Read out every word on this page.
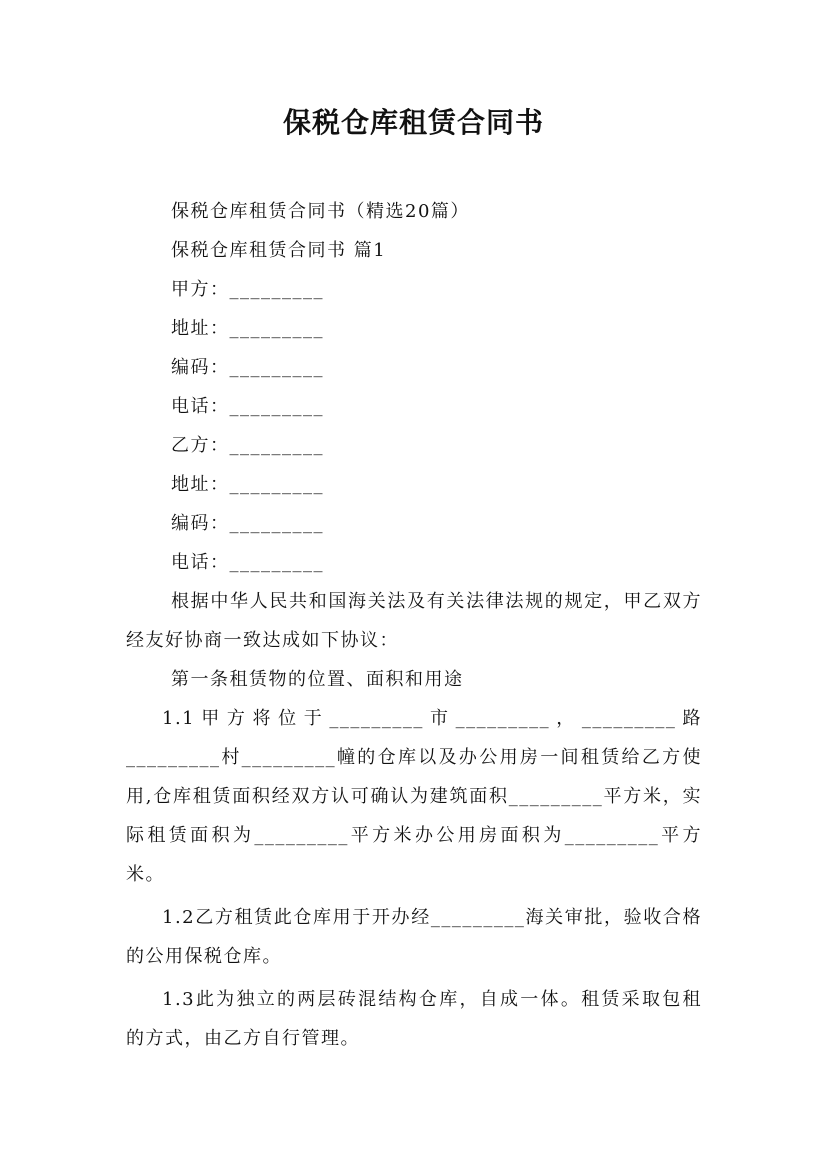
保税仓库租赁合同书
保税仓库租赁合同书（精选20篇）
保税仓库租赁合同书 篇1
甲方：_________
地址：_________
编码：_________
电话：_________
乙方：_________
地址：_________
编码：_________
电话：_________
根据中华人民共和国海关法及有关法律法规的规定，甲乙双方经友好协商一致达成如下协议：
第一条租赁物的位置、面积和用途
1.1甲方将位于_________市_________，_________路_________村_________幢的仓库以及办公用房一间租赁给乙方使用,仓库租赁面积经双方认可确认为建筑面积_________平方米，实际租赁面积为_________平方米办公用房面积为_________平方米。
1.2乙方租赁此仓库用于开办经_________海关审批，验收合格的公用保税仓库。
1.3此为独立的两层砖混结构仓库，自成一体。租赁采取包租的方式，由乙方自行管理。
